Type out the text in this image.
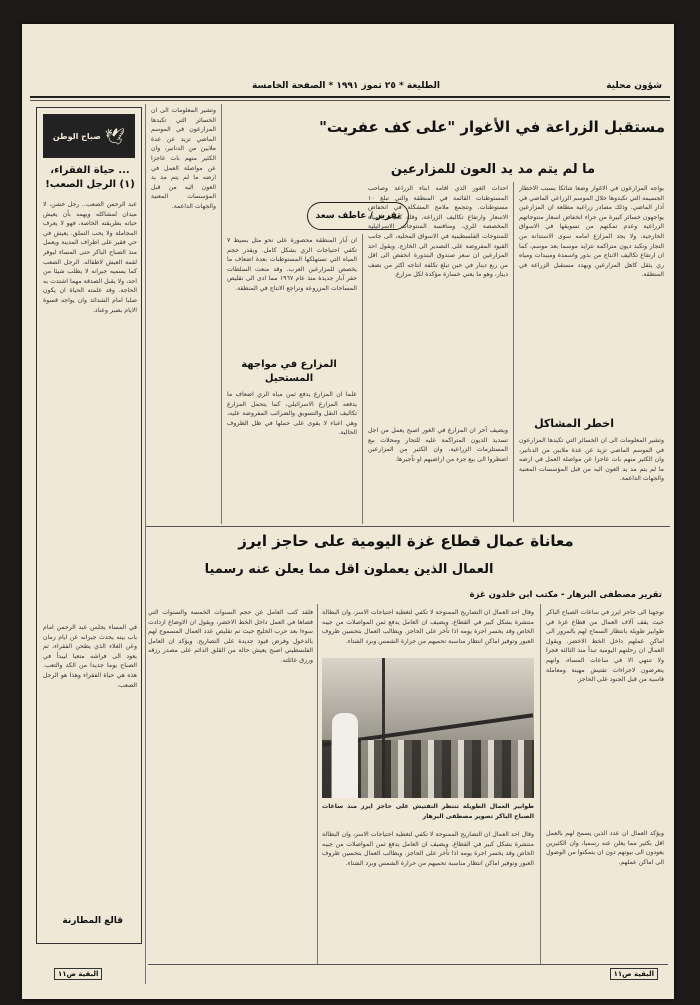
شؤون محلية
الطليعة * ٢٥ تموز ١٩٩١ * الصفحة الخامسة
مستقبل الزراعة في الأغوار "على كف عفريت"
ما لم يتم مد يد العون للمزارعين
تقرير / عاطف سعد
يواجه المزارعون في الاغوار وضعا شائكا بسبب الاخطار الجسيمة التي تكبدوها خلال الموسم الزراعي الماضي في آذار الماضي. وذلك مصادر زراعية مطلعة ان المزارعين يواجهون خسائر كبيرة من جراء انخفاض اسعار منتوجاتهم الزراعية وعدم تمكنهم من تسويقها في الاسواق الخارجية، ولا يجد المزارع امامه سوى الاستدانة من التجار وتكبد ديون متراكمة تتزايد موسما بعد موسم، كما ان ارتفاع تكاليف الانتاج من بذور واسمدة ومبيدات ومياه ري يثقل كاهل المزارعين ويهدد مستقبل الزراعة في المنطقة.
اخطر المشاكل
وتشير المعلومات الى ان الخسائر التي تكبدها المزارعون في الموسم الماضي تزيد عن عدة ملايين من الدنانير، وان الكثير منهم بات عاجزا عن مواصلة العمل في ارضه ما لم يتم مد يد العون اليه من قبل المؤسسات المعنية والجهات الداعمة.
احداث الغور الذي اقامه ابناء الزراعة وصاحب المستوطنات القائمة في المنطقة والتي تبلغ ١٠ مستوطنات. وتتجمع ملامح المشكلة في انخفاض الاسعار وارتفاع تكاليف الزراعة، وقلة كميات المياه المخصصة للري، ومنافسة المنتوجات الاسرائيلية للمنتوجات الفلسطينية في الاسواق المحلية، الى جانب القيود المفروضة على التصدير الى الخارج. ويقول احد المزارعين ان سعر صندوق البندورة انخفض الى اقل من ربع دينار في حين تبلغ تكلفة انتاجه اكثر من نصف دينار، وهو ما يعني خسارة مؤكدة لكل مزارع.
ويضيف آخر ان المزارع في الغور اصبح يعمل من اجل تسديد الديون المتراكمة عليه للتجار ومحلات بيع المستلزمات الزراعية، وان الكثير من المزارعين اضطروا الى بيع جزء من اراضيهم او تأجيرها.
ان آبار المنطقة محصورة على نحو مثل بسيط ٧ تكفي احتياجات الري بشكل كامل. ويقدر حجم المياه التي تستهلكها المستوطنات بعدة اضعاف ما يخصص للمزارعين العرب. وقد منعت السلطات حفر آبار جديدة منذ عام ١٩٦٧ مما ادى الى تقليص المساحات المزروعة وتراجع الانتاج في المنطقة.
المزارع في مواجهة المستحيل
علما ان المزارع يدفع ثمن مياه الري اضعاف ما يدفعه المزارع الاسرائيلي، كما يتحمل المزارع تكاليف النقل والتسويق والضرائب المفروضة عليه، وهي اعباء لا يقوى على حملها في ظل الظروف الحالية.
وتشير المعلومات الى ان الخسائر التي تكبدها المزارعون في الموسم الماضي تزيد عن عدة ملايين من الدنانير، وان الكثير منهم بات عاجزا عن مواصلة العمل في ارضه ما لم يتم مد يد العون اليه من قبل المؤسسات المعنية والجهات الداعمة.
🕊
صباح الوطن
... حياة الفقراء، (١) الرجل الصعب!
عبد الرحمن الصعب.. رجل خشن، لا ميدان لمشاكله ويهمه بأن يعيش حياته بطريقته الخاصة، فهو لا يعرف المجاملة ولا يحب التملق. يعيش في حي فقير على اطراف المدينة ويعمل منذ الصباح الباكر حتى المساء ليوفر لقمة العيش لاطفاله. الرجل الصعب كما يسميه جيرانه لا يطلب شيئا من احد، ولا يقبل الصدقة مهما اشتدت به الحاجة. وقد علمته الحياة ان يكون صلبا امام الشدائد وان يواجه قسوة الايام بصبر وعناد.
في المساء يجلس عبد الرحمن امام باب بيته يحدث جيرانه عن ايام زمان وعن الغلاء الذي يطحن الفقراء، ثم يعود الى فراشه متعبا ليبدأ في الصباح يوما جديدا من الكد والتعب. هذه هي حياة الفقراء وهذا هو الرجل الصعب.
قالع المطارنة
معاناة عمال قطاع غزة اليومية على حاجز ايرز
العمال الذين يعملون اقل مما يعلن عنه رسميا
تقرير مصطفى البرهار - مكتب ابن خلدون غزة
توجهنا الى حاجز ايرز في ساعات الصباح الباكر حيث يقف آلاف العمال من قطاع غزة في طوابير طويلة بانتظار السماح لهم بالمرور الى اماكن عملهم داخل الخط الاخضر. ويقول العمال ان رحلتهم اليومية تبدأ منذ الثالثة فجرا ولا تنتهي الا في ساعات المساء، وانهم يتعرضون لاجراءات تفتيش مهينة ومعاملة قاسية من قبل الجنود على الحاجز.
ويؤكد العمال ان عدد الذين يسمح لهم بالعمل اقل بكثير مما يعلن عنه رسميا، وان الكثيرين يعودون الى بيوتهم دون ان يتمكنوا من الوصول الى اماكن عملهم.
طوابير العمال الطويلة تنتظر التفتيش على حاجز ايرز منذ ساعات الصباح الباكر تصوير مصطفى البرهار
وقال احد العمال ان التصاريح الممنوحة لا تكفي لتغطية احتياجات الاسر، وان البطالة منتشرة بشكل كبير في القطاع. ويضيف ان العامل يدفع ثمن المواصلات من جيبه الخاص وقد يخسر اجرة يومه اذا تأخر على الحاجز. ويطالب العمال بتحسين ظروف العبور وتوفير اماكن انتظار مناسبة تحميهم من حرارة الشمس وبرد الشتاء.
وقال احد العمال ان التصاريح الممنوحة لا تكفي لتغطية احتياجات الاسر، وان البطالة منتشرة بشكل كبير في القطاع. ويضيف ان العامل يدفع ثمن المواصلات من جيبه الخاص وقد يخسر اجرة يومه اذا تأخر على الحاجز. ويطالب العمال بتحسين ظروف العبور وتوفير اماكن انتظار مناسبة تحميهم من حرارة الشمس وبرد الشتاء.
فلقد كتب العامل عن حجم السنوات الخمسة والسنوات التي قضاها في العمل داخل الخط الاخضر، ويقول ان الاوضاع ازدادت سوءا بعد حرب الخليج حيث تم تقليص عدد العمال المسموح لهم بالدخول وفرض قيود جديدة على التصاريح. ويؤكد ان العامل الفلسطيني اصبح يعيش حالة من القلق الدائم على مصدر رزقه ورزق عائلته.
البقية ص١١
البقية ص١١
